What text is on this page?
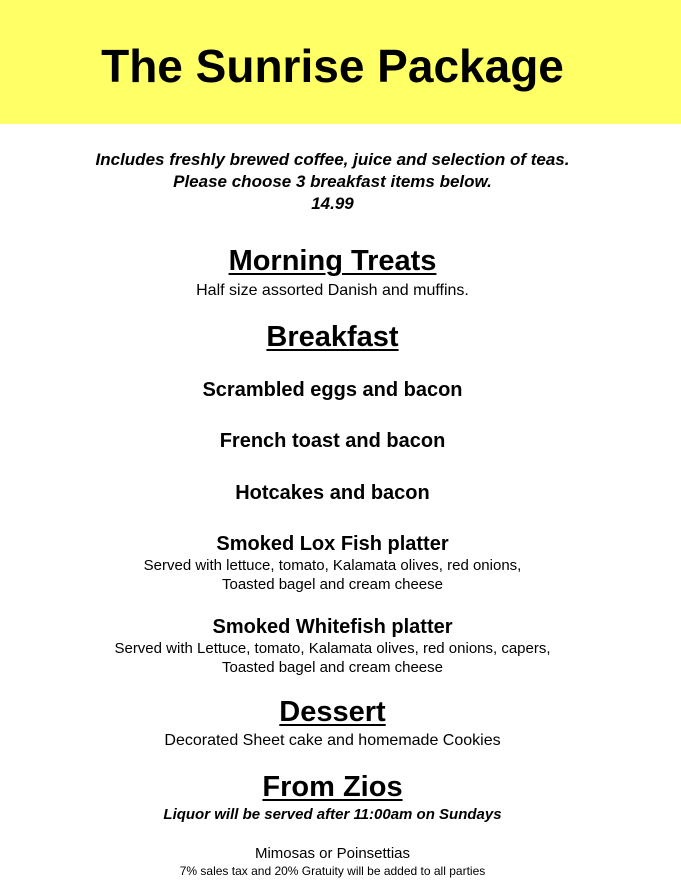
The Sunrise Package
Includes freshly brewed coffee, juice and selection of teas.
Please choose 3 breakfast items below.
14.99
Morning Treats
Half size assorted Danish and muffins.
Breakfast
Scrambled eggs and bacon
French toast and bacon
Hotcakes and bacon
Smoked Lox Fish platter
Served with lettuce, tomato, Kalamata olives, red onions,
Toasted bagel and cream cheese
Smoked Whitefish platter
Served with Lettuce, tomato, Kalamata olives, red onions, capers,
Toasted bagel and cream cheese
Dessert
Decorated Sheet cake and homemade Cookies
From Zios
Liquor will be served after 11:00am on Sundays
Mimosas or Poinsettias
7% sales tax and 20% Gratuity will be added to all parties
